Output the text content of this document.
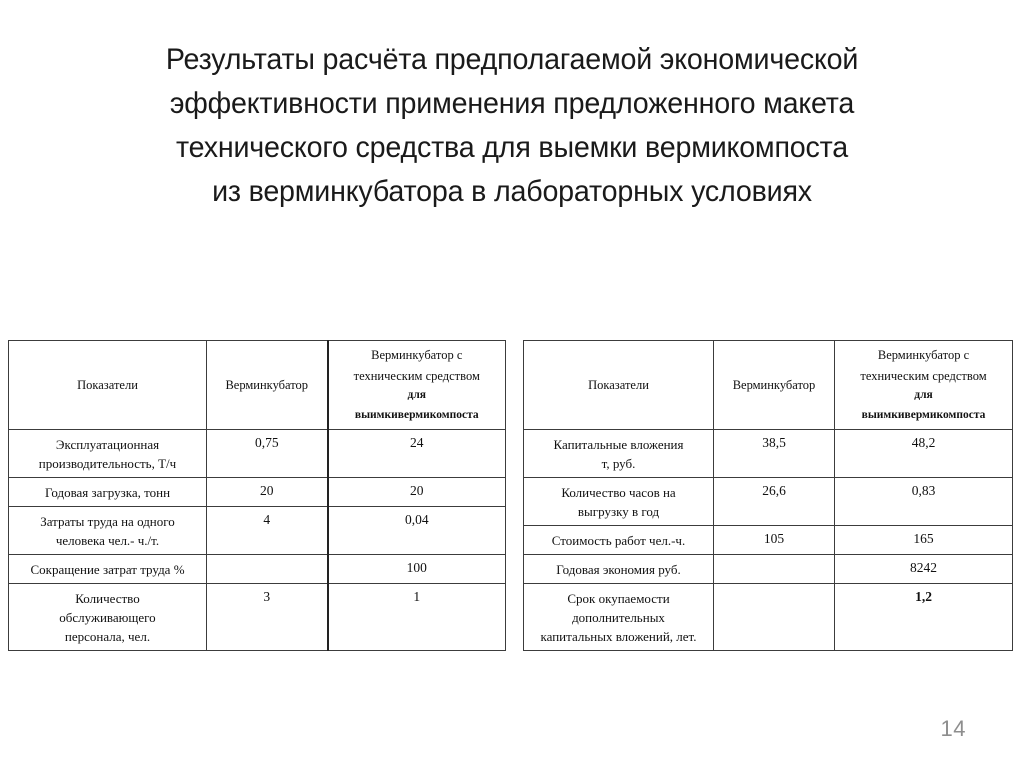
Результаты расчёта предполагаемой экономической
эффективности применения предложенного макета
технического средства для выемки вермикомпоста
из верминкубатора в лабораторных условиях
Показатели	Верминкубатор	Верминкубатор с
техническим средством
для
выимкивермикомпоста

Эксплуатационная
производительность, Т/ч	0,75	24

Годовая загрузка, тонн	20	20

Затраты труда на одного
человека чел.- ч./т.	4	0,04

Сокращение затрат труда %		100

Количество
обслуживающего
персонала, чел.	3	1
Показатели	Верминкубатор	Верминкубатор с
техническим средством
для
выимкивермикомпоста

Капитальные вложения
т, руб.	38,5	48,2

Количество часов на
выгрузку в год	26,6	0,83

Стоимость работ чел.-ч.	105	165

Годовая экономия руб.		8242

Срок окупаемости
дополнительных
капитальных вложений, лет.		1,2
14
